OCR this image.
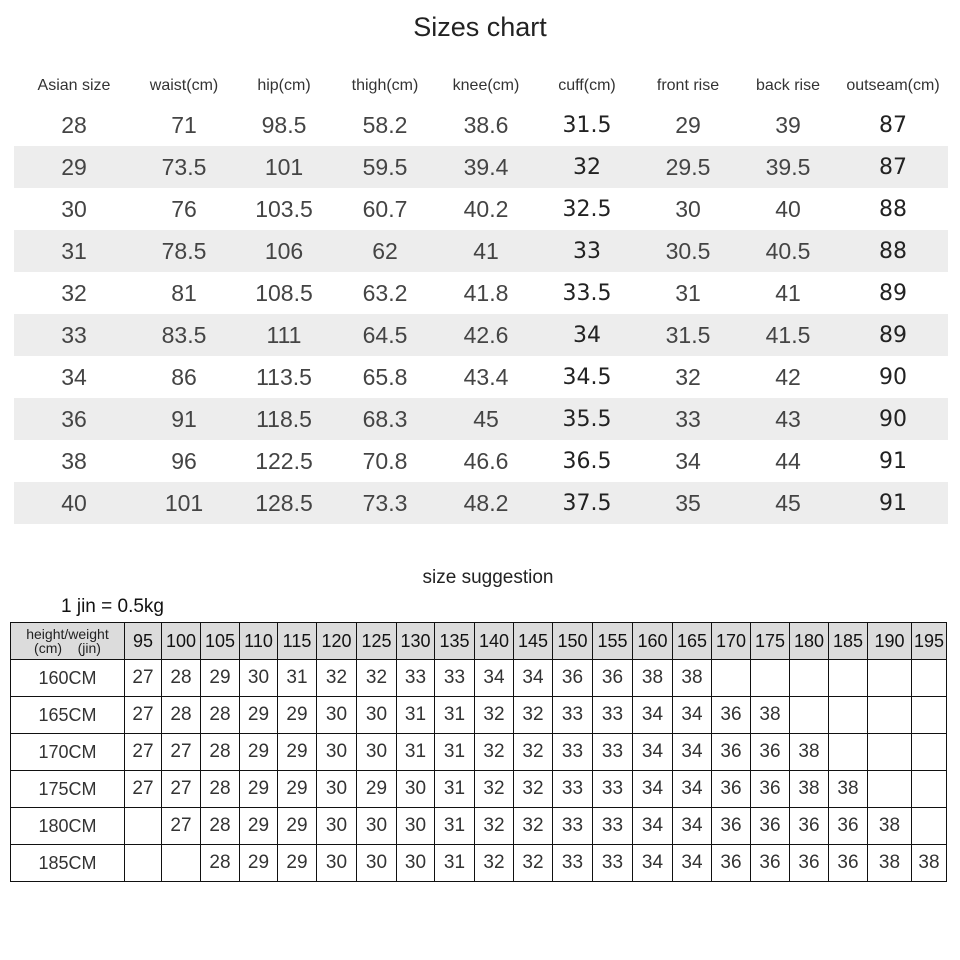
Sizes chart
Asian size	waist(cm)	hip(cm)	thigh(cm)	knee(cm)	cuff(cm)	front rise	back rise	outseam(cm)
28	71	98.5	58.2	38.6	31.5	29	39	87
29	73.5	101	59.5	39.4	32	29.5	39.5	87
30	76	103.5	60.7	40.2	32.5	30	40	88
31	78.5	106	62	41	33	30.5	40.5	88
32	81	108.5	63.2	41.8	33.5	31	41	89
33	83.5	111	64.5	42.6	34	31.5	41.5	89
34	86	113.5	65.8	43.4	34.5	32	42	90
36	91	118.5	68.3	45	35.5	33	43	90
38	96	122.5	70.8	46.6	36.5	34	44	91
40	101	128.5	73.3	48.2	37.5	35	45	91
size suggestion
1 jin = 0.5kg
height/weight
(cm)    (jin)	95	100	105	110	115	120	125	130	135	140	145	150	155	160	165	170	175	180	185	190	195
160CM	27	28	29	30	31	32	32	33	33	34	34	36	36	38	38						
165CM	27	28	28	29	29	30	30	31	31	32	32	33	33	34	34	36	38				
170CM	27	27	28	29	29	30	30	31	31	32	32	33	33	34	34	36	36	38			
175CM	27	27	28	29	29	30	29	30	31	32	32	33	33	34	34	36	36	38	38		
180CM		27	28	29	29	30	30	30	31	32	32	33	33	34	34	36	36	36	36	38	
185CM			28	29	29	30	30	30	31	32	32	33	33	34	34	36	36	36	36	38	38
